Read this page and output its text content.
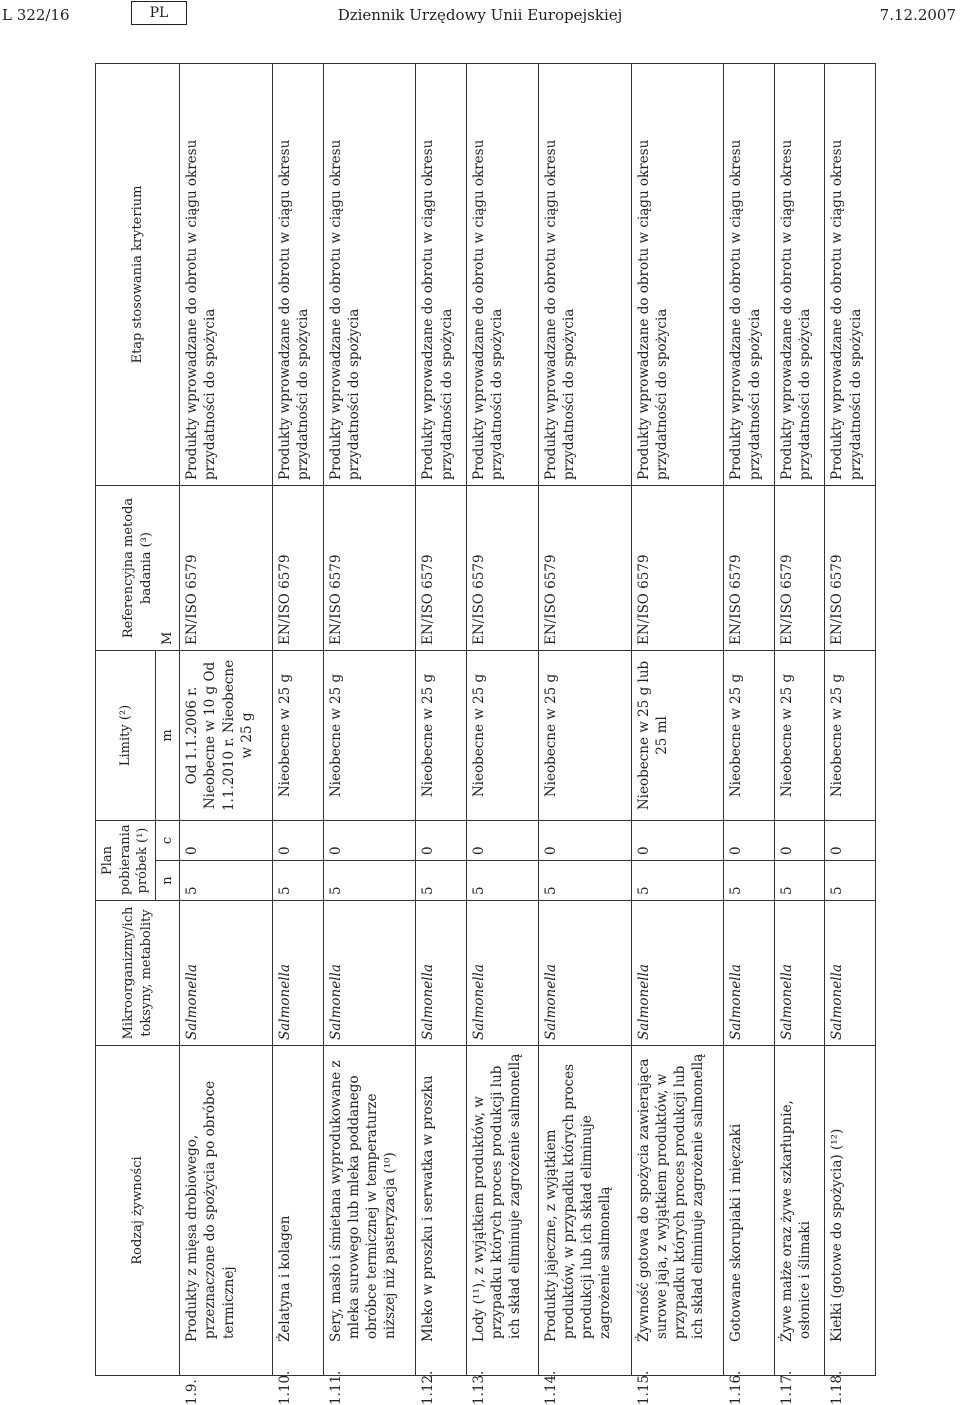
L 322/16	PL	Dziennik Urzędowy Unii Europejskiej	7.12.2007
Rodzaj żywności	Mikroorganizmy/ich toksyny, metabolity	Plan pobierania próbek (¹)		Limity (²)	Referencyjna metoda badania (³)	Etap stosowania kryterium
		n	c	m	M	
1.9.Produkty z mięsa drobiowego, przeznaczone do spożycia po obróbce termicznej	Salmonella	5	0	Od 1.1.2006 r. Nieobecne w 10 g Od 1.1.2010 r. Nieobecne w 25 g	EN/ISO 6579	Produkty wprowadzane do obrotu w ciągu okresu przydatności do spożycia
1.10.Żelatyna i kolagen	Salmonella	5	0	Nieobecne w 25 g	EN/ISO 6579	Produkty wprowadzane do obrotu w ciągu okresu przydatności do spożycia
1.11.Sery, masło i śmietana wyprodukowane z mleka surowego lub mleka poddanego obróbce termicznej w temperaturze niższej niż pasteryzacja (¹⁰)	Salmonella	5	0	Nieobecne w 25 g	EN/ISO 6579	Produkty wprowadzane do obrotu w ciągu okresu przydatności do spożycia
1.12.Mleko w proszku i serwatka w proszku	Salmonella	5	0	Nieobecne w 25 g	EN/ISO 6579	Produkty wprowadzane do obrotu w ciągu okresu przydatności do spożycia
1.13.Lody (¹¹), z wyjątkiem produktów, w przypadku których proces produkcji lub ich skład eliminuje zagrożenie salmonellą	Salmonella	5	0	Nieobecne w 25 g	EN/ISO 6579	Produkty wprowadzane do obrotu w ciągu okresu przydatności do spożycia
1.14.Produkty jajeczne, z wyjątkiem produktów, w przypadku których proces produkcji lub ich skład eliminuje zagrożenie salmonellą	Salmonella	5	0	Nieobecne w 25 g	EN/ISO 6579	Produkty wprowadzane do obrotu w ciągu okresu przydatności do spożycia
1.15.Żywność gotowa do spożycia zawierająca surowe jaja, z wyjątkiem produktów, w przypadku których proces produkcji lub ich skład eliminuje zagrożenie salmonellą	Salmonella	5	0	Nieobecne w 25 g lub 25 ml	EN/ISO 6579	Produkty wprowadzane do obrotu w ciągu okresu przydatności do spożycia
1.16.Gotowane skorupiaki i mięczaki	Salmonella	5	0	Nieobecne w 25 g	EN/ISO 6579	Produkty wprowadzane do obrotu w ciągu okresu przydatności do spożycia
1.17.Żywe małże oraz żywe szkarłupnie, osłonice i ślimaki	Salmonella	5	0	Nieobecne w 25 g	EN/ISO 6579	Produkty wprowadzane do obrotu w ciągu okresu przydatności do spożycia
1.18.Kiełki (gotowe do spożycia) (¹²)	Salmonella	5	0	Nieobecne w 25 g	EN/ISO 6579	Produkty wprowadzane do obrotu w ciągu okresu przydatności do spożycia
